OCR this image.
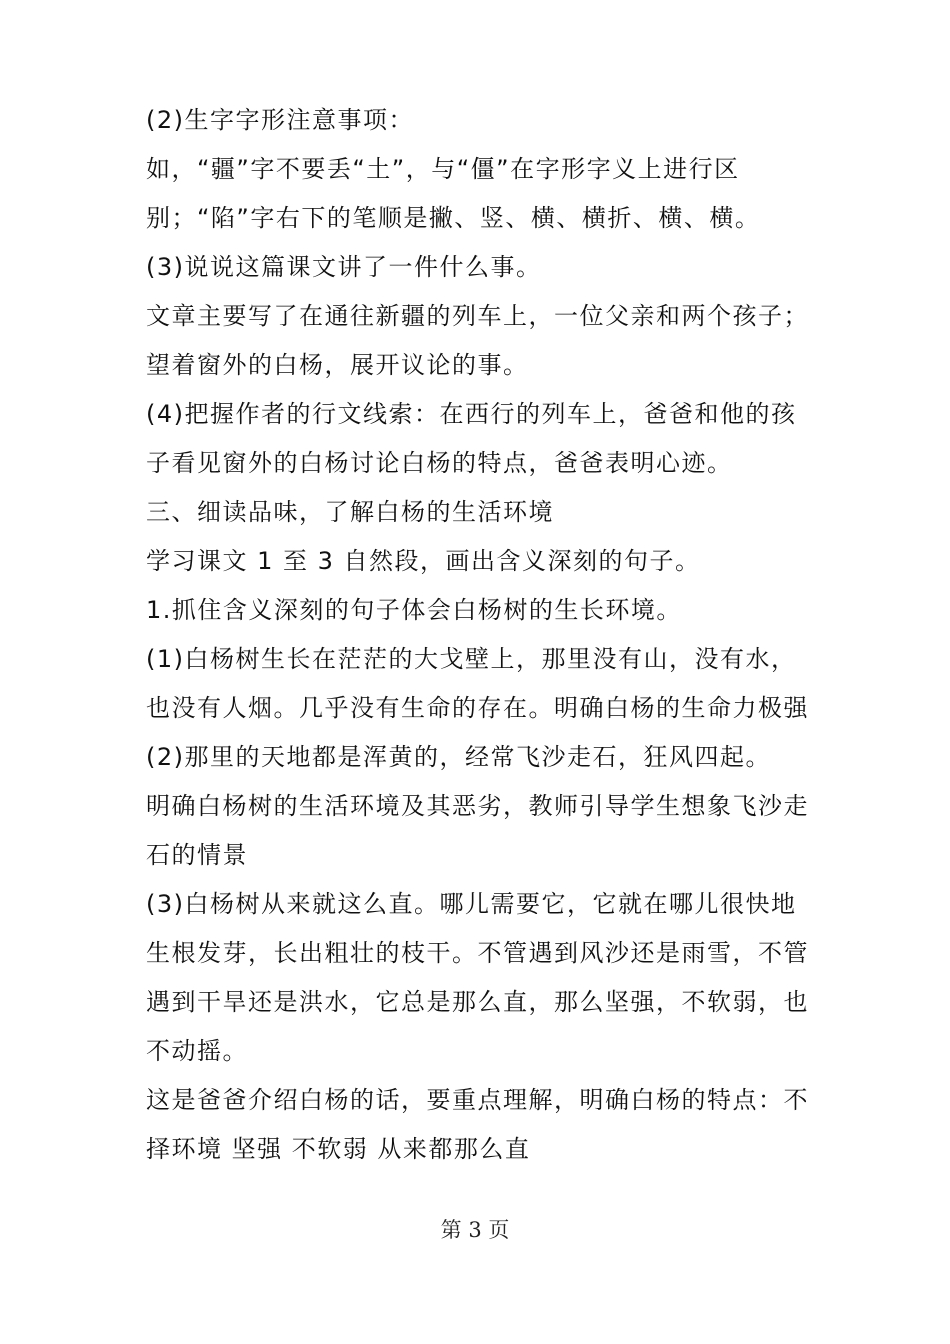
(2)生字字形注意事项：
如，“疆”字不要丢“土”，与“僵”在字形字义上进行区
别；“陷”字右下的笔顺是撇、竖、横、横折、横、横。
(3)说说这篇课文讲了一件什么事。
文章主要写了在通往新疆的列车上，一位父亲和两个孩子；
望着窗外的白杨，展开议论的事。
(4)把握作者的行文线索：在西行的列车上，爸爸和他的孩
子看见窗外的白杨讨论白杨的特点，爸爸表明心迹。
三、细读品味，了解白杨的生活环境
学习课文 1 至 3 自然段，画出含义深刻的句子。
1.抓住含义深刻的句子体会白杨树的生长环境。
(1)白杨树生长在茫茫的大戈壁上，那里没有山，没有水，
也没有人烟。几乎没有生命的存在。明确白杨的生命力极强
(2)那里的天地都是浑黄的，经常飞沙走石，狂风四起。
明确白杨树的生活环境及其恶劣，教师引导学生想象飞沙走
石的情景
(3)白杨树从来就这么直。哪儿需要它，它就在哪儿很快地
生根发芽，长出粗壮的枝干。不管遇到风沙还是雨雪，不管
遇到干旱还是洪水，它总是那么直，那么坚强，不软弱，也
不动摇。
这是爸爸介绍白杨的话，要重点理解，明确白杨的特点：不
择环境 坚强 不软弱 从来都那么直
第 3 页
